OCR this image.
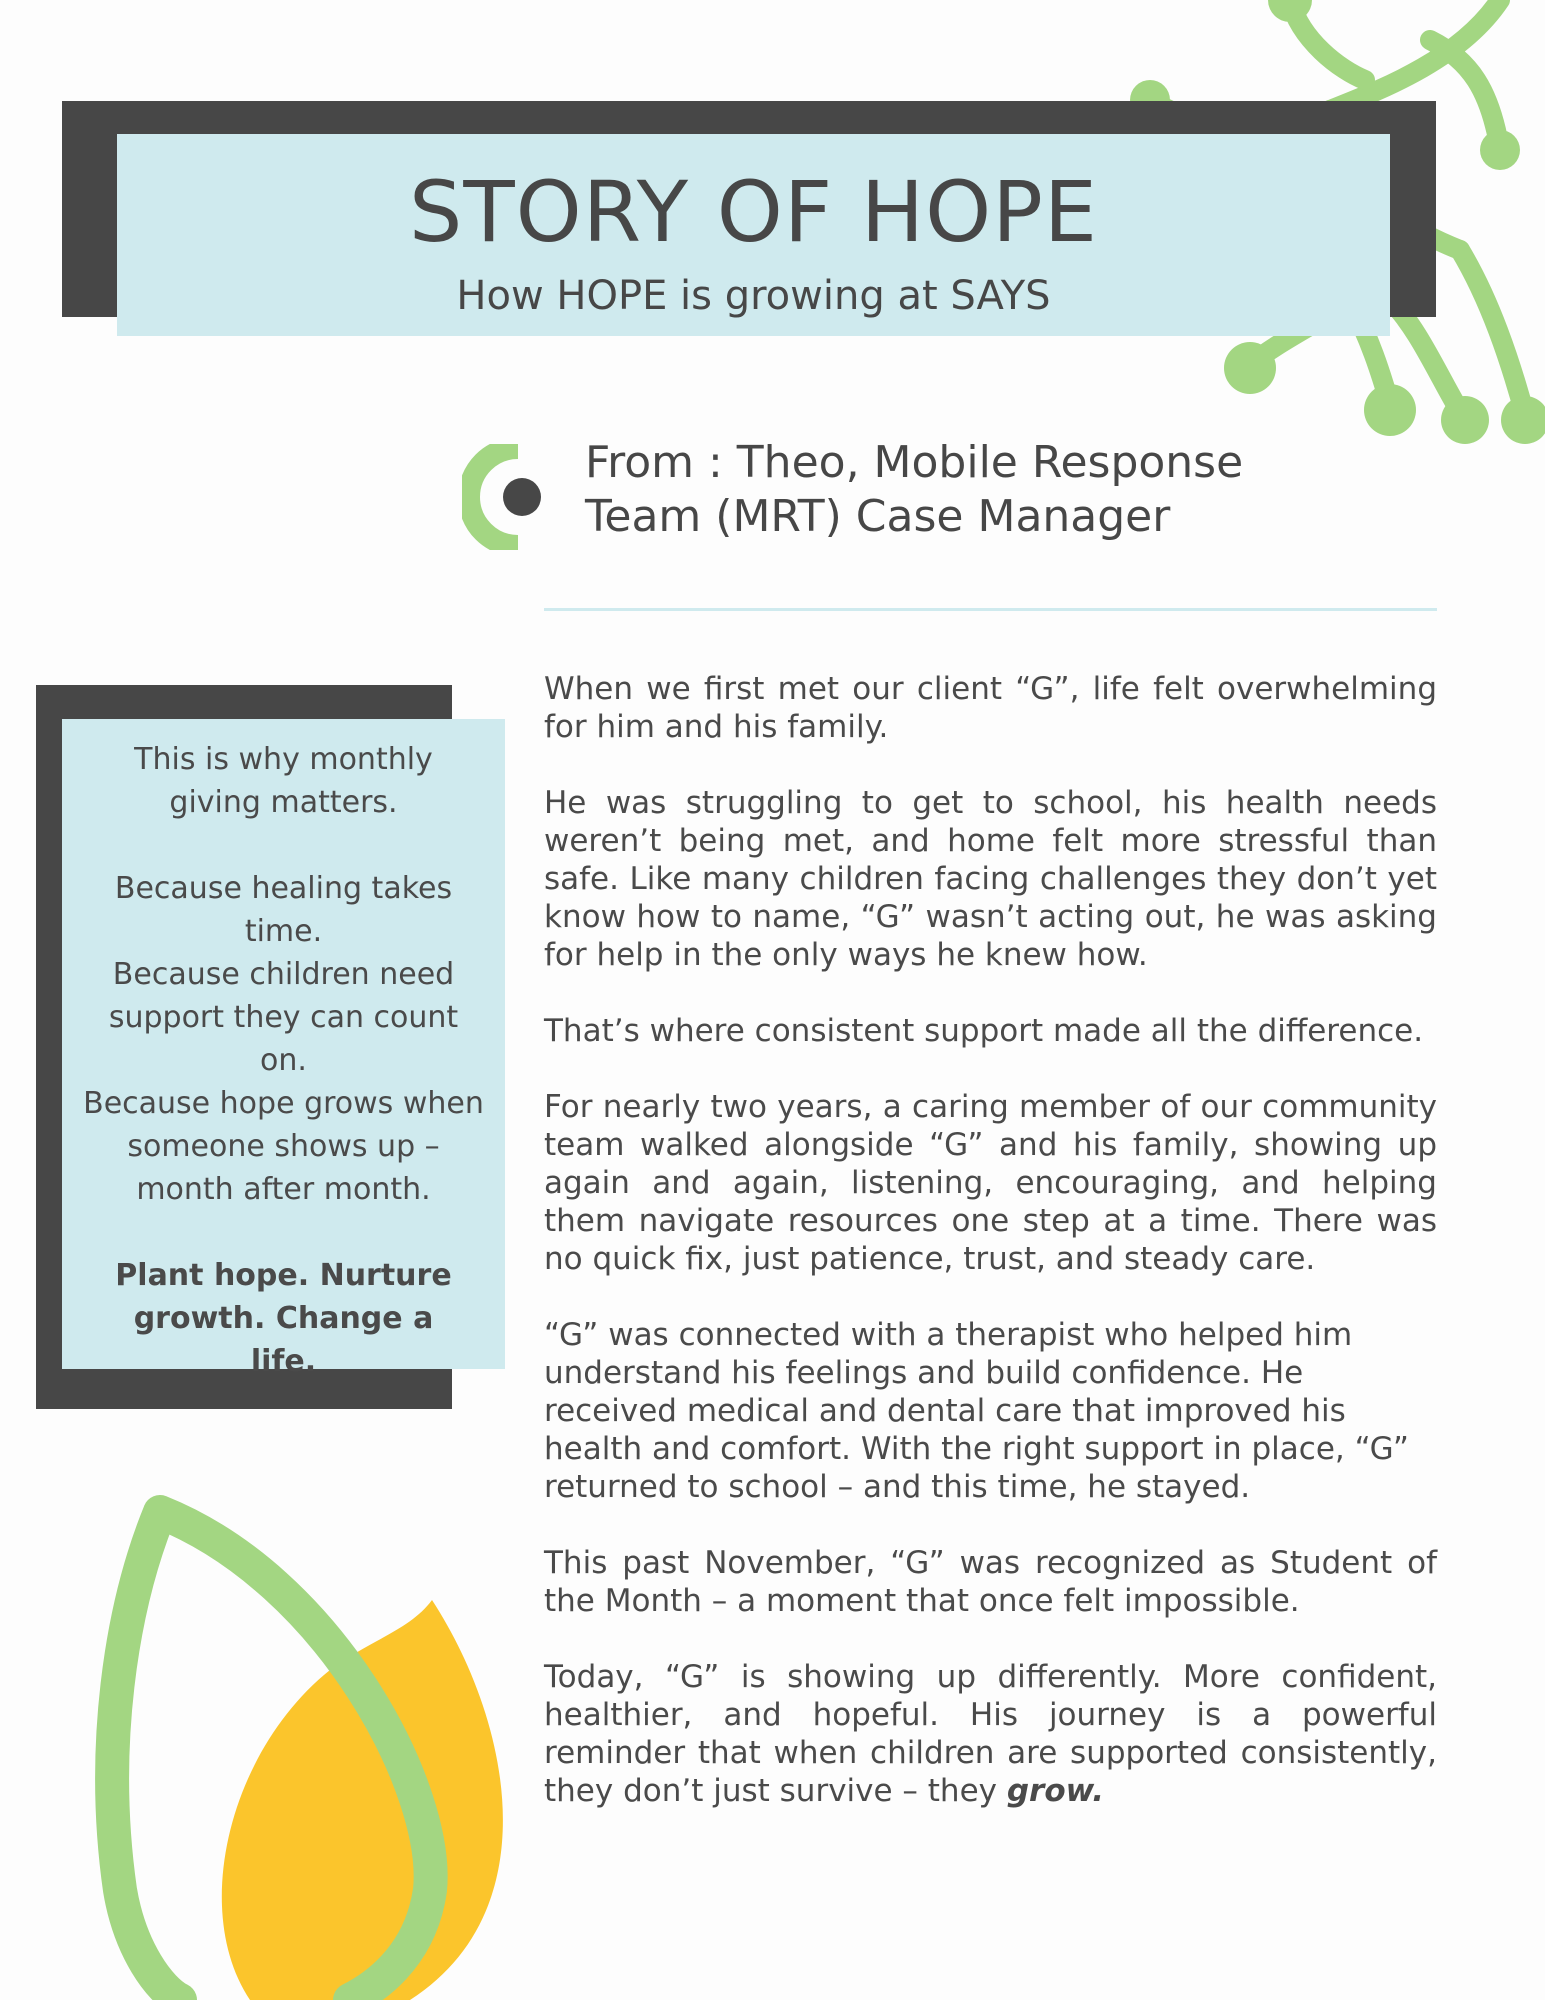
STORY OF HOPE
How HOPE is growing at SAYS
From : Theo, Mobile Response
Team (MRT) Case Manager

This is why monthly giving matters.

Because healing takes time.

Because children need support they can count on.

Because hope grows when someone shows up – month after month.

Plant hope. Nurture growth. Change a life.

When we first met our client “G”, life felt overwhelming for him and his family.

He was struggling to get to school, his health needs weren’t being met, and home felt more stressful than safe. Like many children facing challenges they don’t yet know how to name, “G” wasn’t acting out, he was asking for help in the only ways he knew how.

That’s where consistent support made all the difference.

For nearly two years, a caring member of our community team walked alongside “G” and his family, showing up again and again, listening, encouraging, and helping them navigate resources one step at a time. There was no quick fix, just patience, trust, and steady care.

“G” was connected with a therapist who helped him understand his feelings and build confidence. He received medical and dental care that improved his health and comfort. With the right support in place, “G” returned to school – and this time, he stayed.

This past November, “G” was recognized as Student of the Month – a moment that once felt impossible.

Today, “G” is showing up differently. More confident, healthier, and hopeful. His journey is a powerful reminder that when children are supported consistently, they don’t just survive – they grow.
